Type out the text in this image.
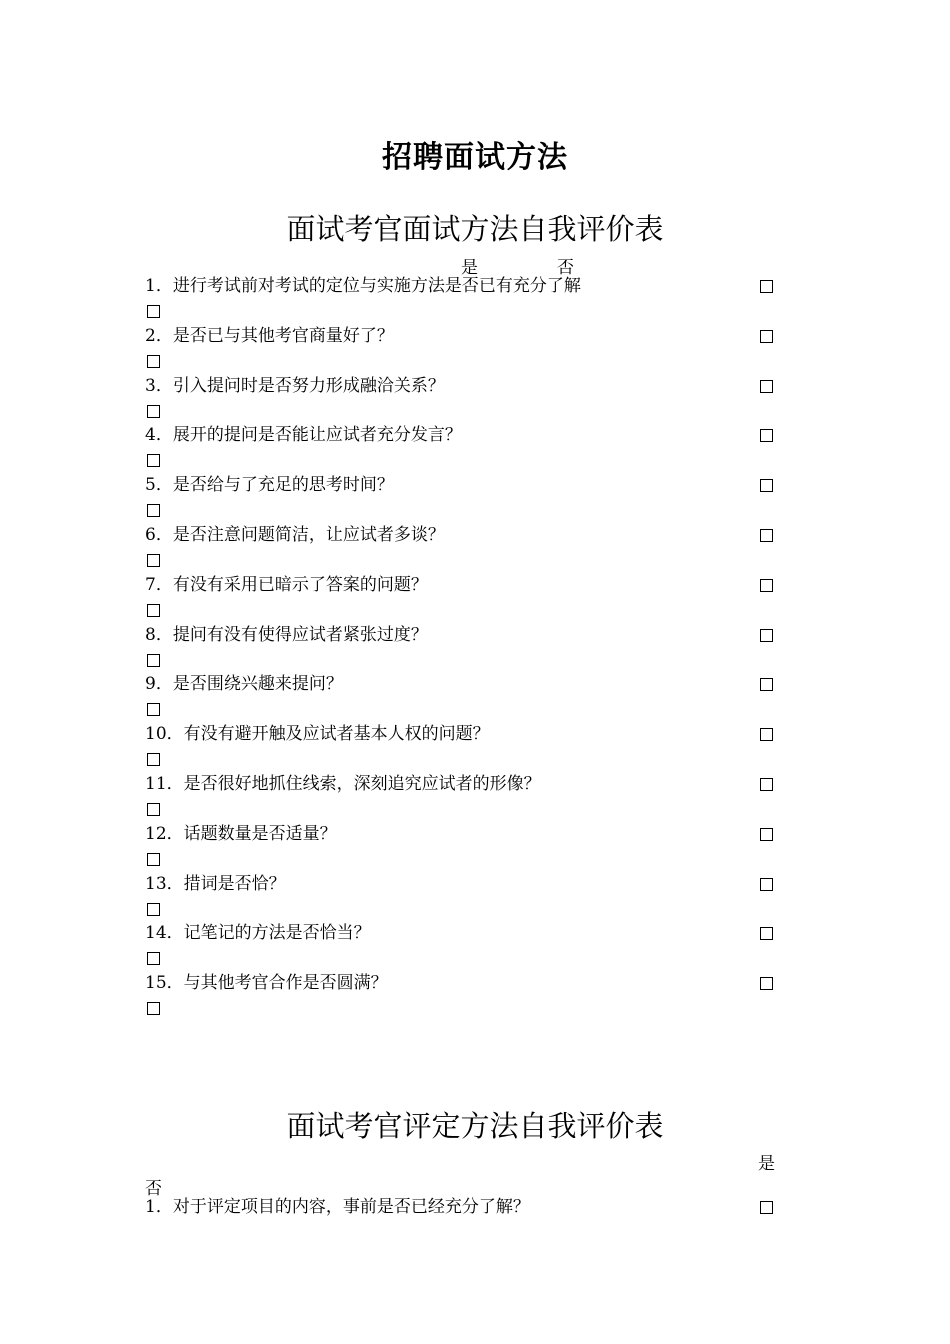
招聘面试方法
面试考官面试方法自我评价表
是	否
1．进行考试前对考试的定位与实施方法是否已有充分了解
2．是否已与其他考官商量好了？
3．引入提问时是否努力形成融洽关系？
4．展开的提问是否能让应试者充分发言？
5．是否给与了充足的思考时间？
6．是否注意问题简洁，让应试者多谈？
7．有没有采用已暗示了答案的问题？
8．提问有没有使得应试者紧张过度？
9．是否围绕兴趣来提问？
10．有没有避开触及应试者基本人权的问题？
11．是否很好地抓住线索，深刻追究应试者的形像？
12．话题数量是否适量？
13．措词是否恰？
14．记笔记的方法是否恰当？
15．与其他考官合作是否圆满？
面试考官评定方法自我评价表
是
否
1．对于评定项目的内容，事前是否已经充分了解？
